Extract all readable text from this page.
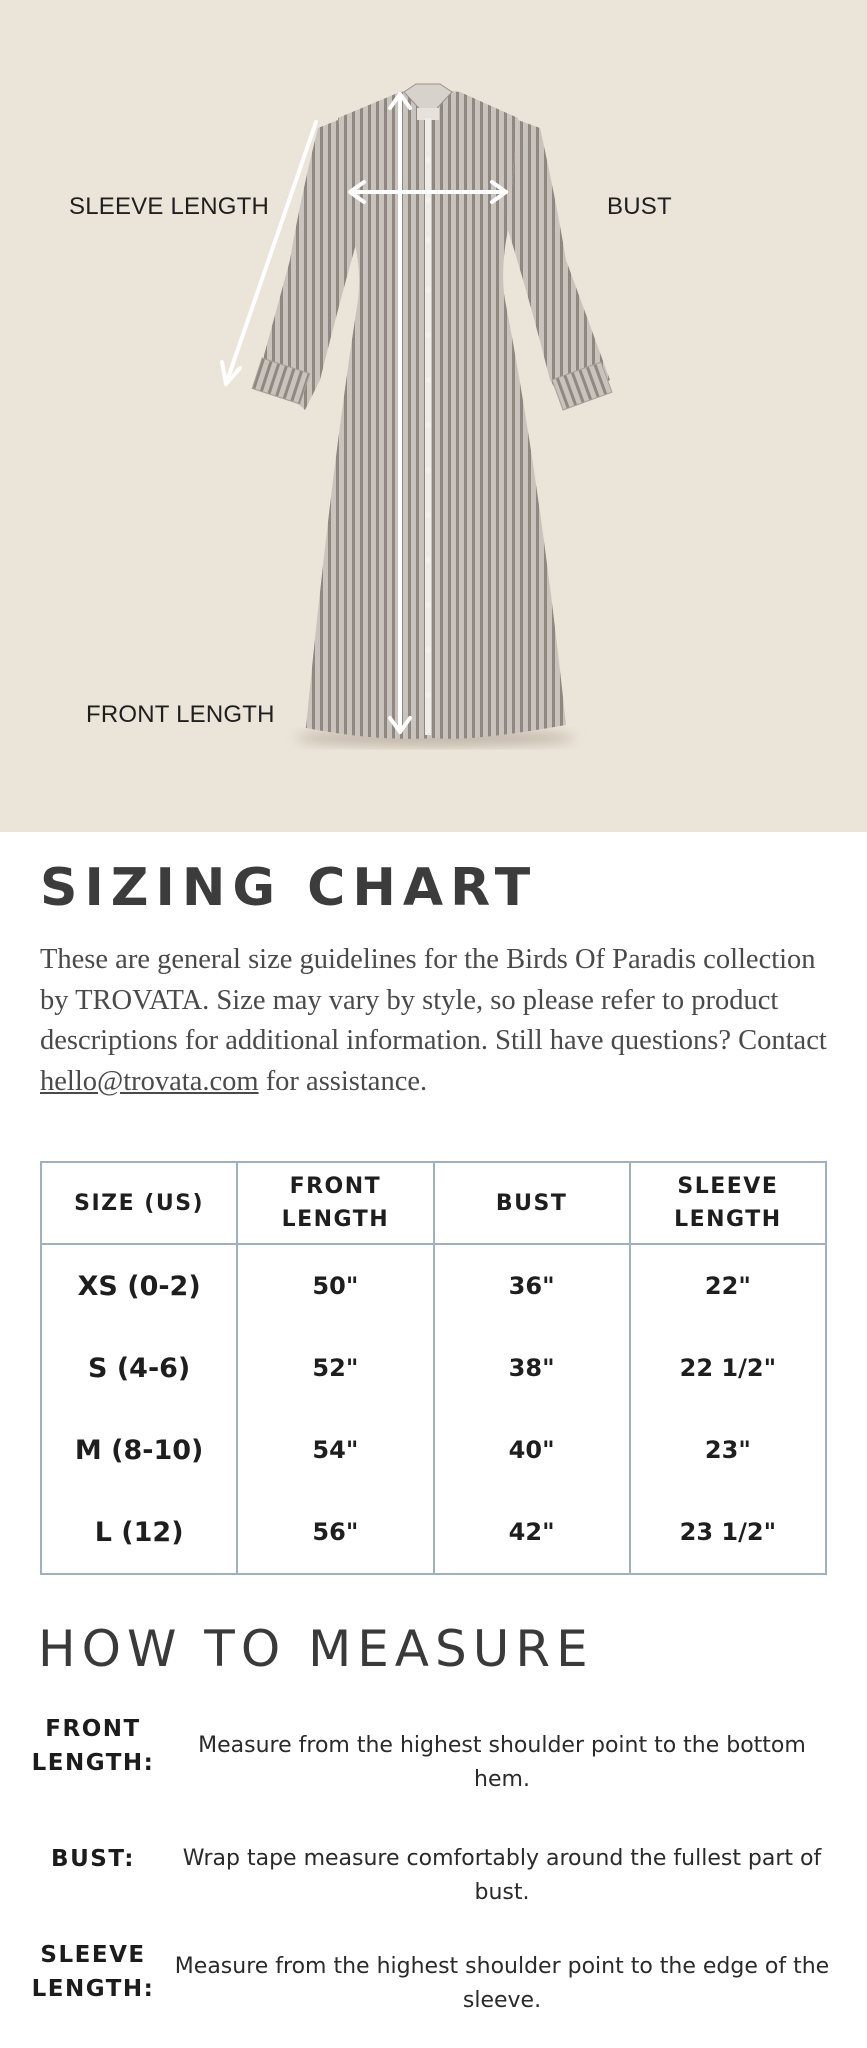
SLEEVE LENGTH	BUST
FRONT LENGTH
SIZING CHART

These are general size guidelines for the Birds Of Paradis collection by TROVATA. Size may vary by style, so please refer to product descriptions for additional information. Still have questions? Contact hello@trovata.com for assistance.

SIZE (US)	FRONT LENGTH	BUST	SLEEVE LENGTH
XS (0-2)	50"	36"	22"
S (4-6)	52"	38"	22 1/2"
M (8-10)	54"	40"	23"
L (12)	56"	42"	23 1/2"
HOW TO MEASURE
FRONT LENGTH:
Measure from the highest shoulder point to the bottom hem.
BUST:	Wrap tape measure comfortably around the fullest part of bust.
SLEEVE LENGTH:
Measure from the highest shoulder point to the edge of the sleeve.
